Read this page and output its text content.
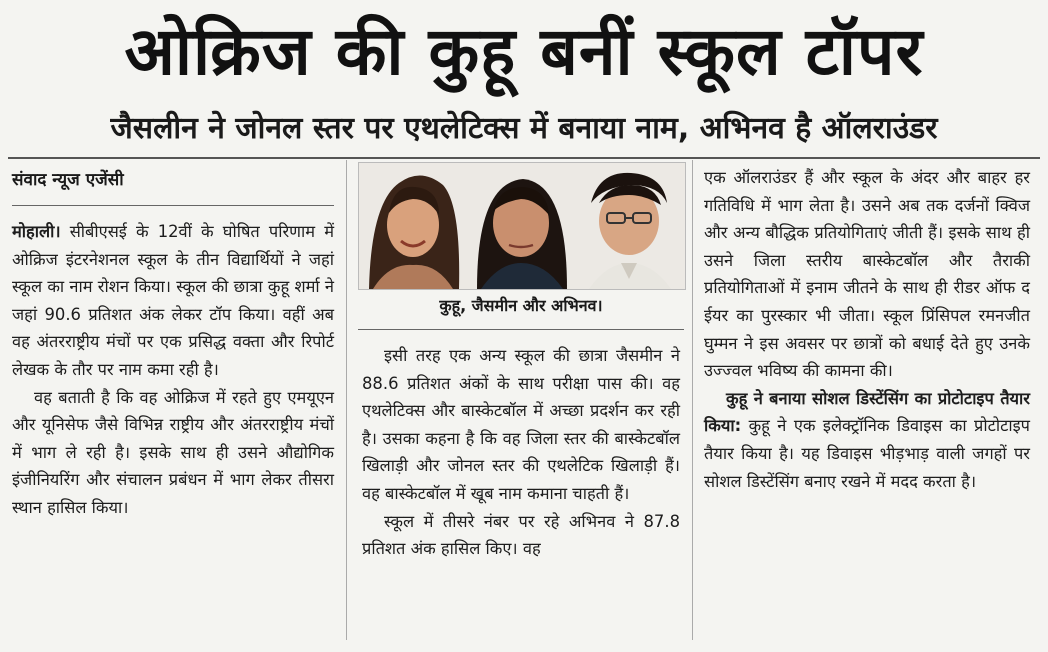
ओक्रिज की कुहू बनीं स्कूल टॉपर
जैसलीन ने जोनल स्तर पर एथलेटिक्स में बनाया नाम, अभिनव है ऑलराउंडर
संवाद न्यूज एजेंसी

मोहाली। सीबीएसई के 12वीं के घोषित परिणाम में ओक्रिज इंटरनेशनल स्कूल के तीन विद्यार्थियों ने जहां स्कूल का नाम रोशन किया। स्कूल की छात्रा कुहू शर्मा ने जहां 90.6 प्रतिशत अंक लेकर टॉप किया। वहीं अब वह अंतरराष्ट्रीय मंचों पर एक प्रसिद्ध वक्ता और रिपोर्ट लेखक के तौर पर नाम कमा रही है।

वह बताती है कि वह ओक्रिज में रहते हुए एमयूएन और यूनिसेफ जैसे विभिन्न राष्ट्रीय और अंतरराष्ट्रीय मंचों में भाग ले रही है। इसके साथ ही उसने औद्योगिक इंजीनियरिंग और संचालन प्रबंधन में भाग लेकर तीसरा स्थान हासिल किया।

कुहू, जैसमीन और अभिनव।

इसी तरह एक अन्य स्कूल की छात्रा जैसमीन ने 88.6 प्रतिशत अंकों के साथ परीक्षा पास की। वह एथलेटिक्स और बास्केटबॉल में अच्छा प्रदर्शन कर रही है। उसका कहना है कि वह जिला स्तर की बास्केटबॉल खिलाड़ी और जोनल स्तर की एथलेटिक खिलाड़ी हैं। वह बास्केटबॉल में खूब नाम कमाना चाहती हैं।

स्कूल में तीसरे नंबर पर रहे अभिनव ने 87.8 प्रतिशत अंक हासिल किए। वह

एक ऑलराउंडर हैं और स्कूल के अंदर और बाहर हर गतिविधि में भाग लेता है। उसने अब तक दर्जनों क्विज और अन्य बौद्धिक प्रतियोगिताएं जीती हैं। इसके साथ ही उसने जिला स्तरीय बास्केटबॉल और तैराकी प्रतियोगिताओं में इनाम जीतने के साथ ही रीडर ऑफ द ईयर का पुरस्कार भी जीता। स्कूल प्रिंसिपल रमनजीत घुम्मन ने इस अवसर पर छात्रों को बधाई देते हुए उनके उज्ज्वल भविष्य की कामना की।

कुहू ने बनाया सोशल डिस्टेंसिंग का प्रोटोटाइप तैयार किया: कुहू ने एक इलेक्ट्रॉनिक डिवाइस का प्रोटोटाइप तैयार किया है। यह डिवाइस भीड़भाड़ वाली जगहों पर सोशल डिस्टेंसिंग बनाए रखने में मदद करता है।
